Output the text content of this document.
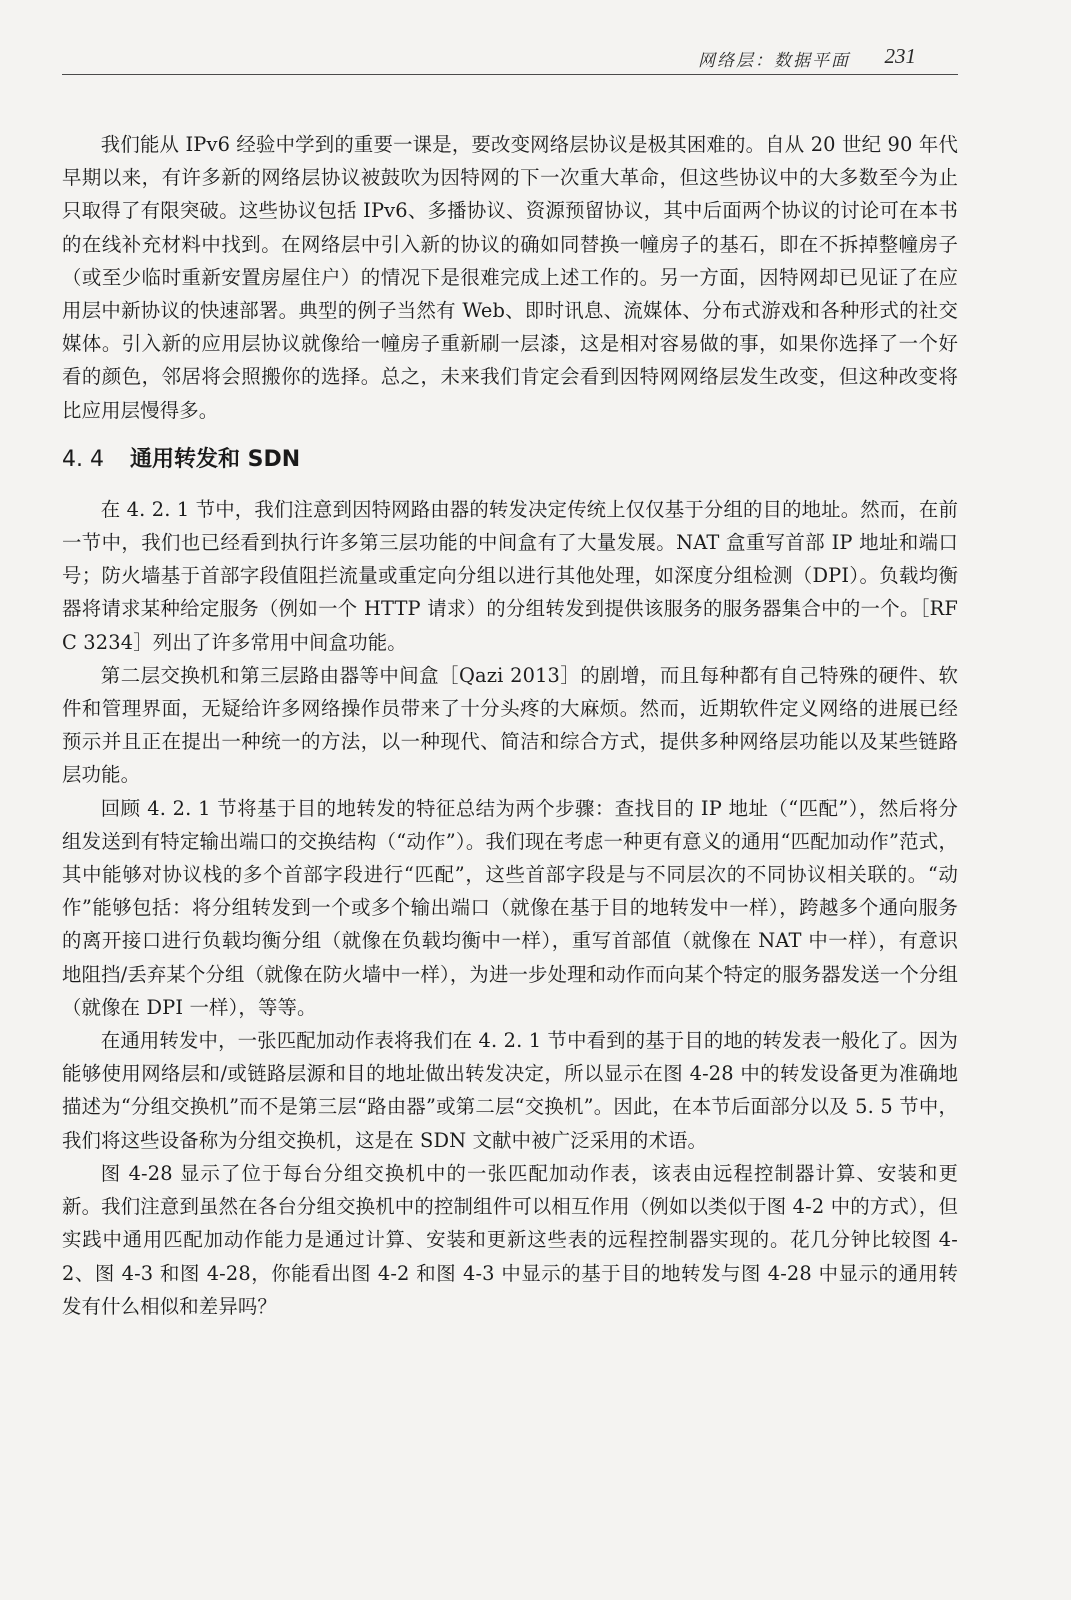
网络层：数据平面 231

我们能从 IPv6 经验中学到的重要一课是，要改变网络层协议是极其困难的。自从 20 世纪 90 年代早期以来，有许多新的网络层协议被鼓吹为因特网的下一次重大革命，但这些协议中的大多数至今为止只取得了有限突破。这些协议包括 IPv6、多播协议、资源预留协议，其中后面两个协议的讨论可在本书的在线补充材料中找到。在网络层中引入新的协议的确如同替换一幢房子的基石，即在不拆掉整幢房子（或至少临时重新安置房屋住户）的情况下是很难完成上述工作的。另一方面，因特网却已见证了在应用层中新协议的快速部署。典型的例子当然有 Web、即时讯息、流媒体、分布式游戏和各种形式的社交媒体。引入新的应用层协议就像给一幢房子重新刷一层漆，这是相对容易做的事，如果你选择了一个好看的颜色，邻居将会照搬你的选择。总之，未来我们肯定会看到因特网网络层发生改变，但这种改变将比应用层慢得多。

4. 4 通用转发和 SDN

在 4. 2. 1 节中，我们注意到因特网路由器的转发决定传统上仅仅基于分组的目的地址。然而，在前一节中，我们也已经看到执行许多第三层功能的中间盒有了大量发展。NAT 盒重写首部 IP 地址和端口号；防火墙基于首部字段值阻拦流量或重定向分组以进行其他处理，如深度分组检测（DPI）。负载均衡器将请求某种给定服务（例如一个 HTTP 请求）的分组转发到提供该服务的服务器集合中的一个。［RFC 3234］列出了许多常用中间盒功能。

第二层交换机和第三层路由器等中间盒［Qazi 2013］的剧增，而且每种都有自己特殊的硬件、软件和管理界面，无疑给许多网络操作员带来了十分头疼的大麻烦。然而，近期软件定义网络的进展已经预示并且正在提出一种统一的方法，以一种现代、简洁和综合方式，提供多种网络层功能以及某些链路层功能。

回顾 4. 2. 1 节将基于目的地转发的特征总结为两个步骤：查找目的 IP 地址（“匹配”），然后将分组发送到有特定输出端口的交换结构（“动作”）。我们现在考虑一种更有意义的通用“匹配加动作”范式，其中能够对协议栈的多个首部字段进行“匹配”，这些首部字段是与不同层次的不同协议相关联的。“动作”能够包括：将分组转发到一个或多个输出端口（就像在基于目的地转发中一样），跨越多个通向服务的离开接口进行负载均衡分组（就像在负载均衡中一样），重写首部值（就像在 NAT 中一样），有意识地阻挡/丢弃某个分组（就像在防火墙中一样），为进一步处理和动作而向某个特定的服务器发送一个分组（就像在 DPI 一样），等等。

在通用转发中，一张匹配加动作表将我们在 4. 2. 1 节中看到的基于目的地的转发表一般化了。因为能够使用网络层和/或链路层源和目的地址做出转发决定，所以显示在图 4-28 中的转发设备更为准确地描述为“分组交换机”而不是第三层“路由器”或第二层“交换机”。因此，在本节后面部分以及 5. 5 节中，我们将这些设备称为分组交换机，这是在 SDN 文献中被广泛采用的术语。

图 4-28 显示了位于每台分组交换机中的一张匹配加动作表，该表由远程控制器计算、安装和更新。我们注意到虽然在各台分组交换机中的控制组件可以相互作用（例如以类似于图 4-2 中的方式），但实践中通用匹配加动作能力是通过计算、安装和更新这些表的远程控制器实现的。花几分钟比较图 4-2、图 4-3 和图 4-28，你能看出图 4-2 和图 4-3 中显示的基于目的地转发与图 4-28 中显示的通用转发有什么相似和差异吗？
